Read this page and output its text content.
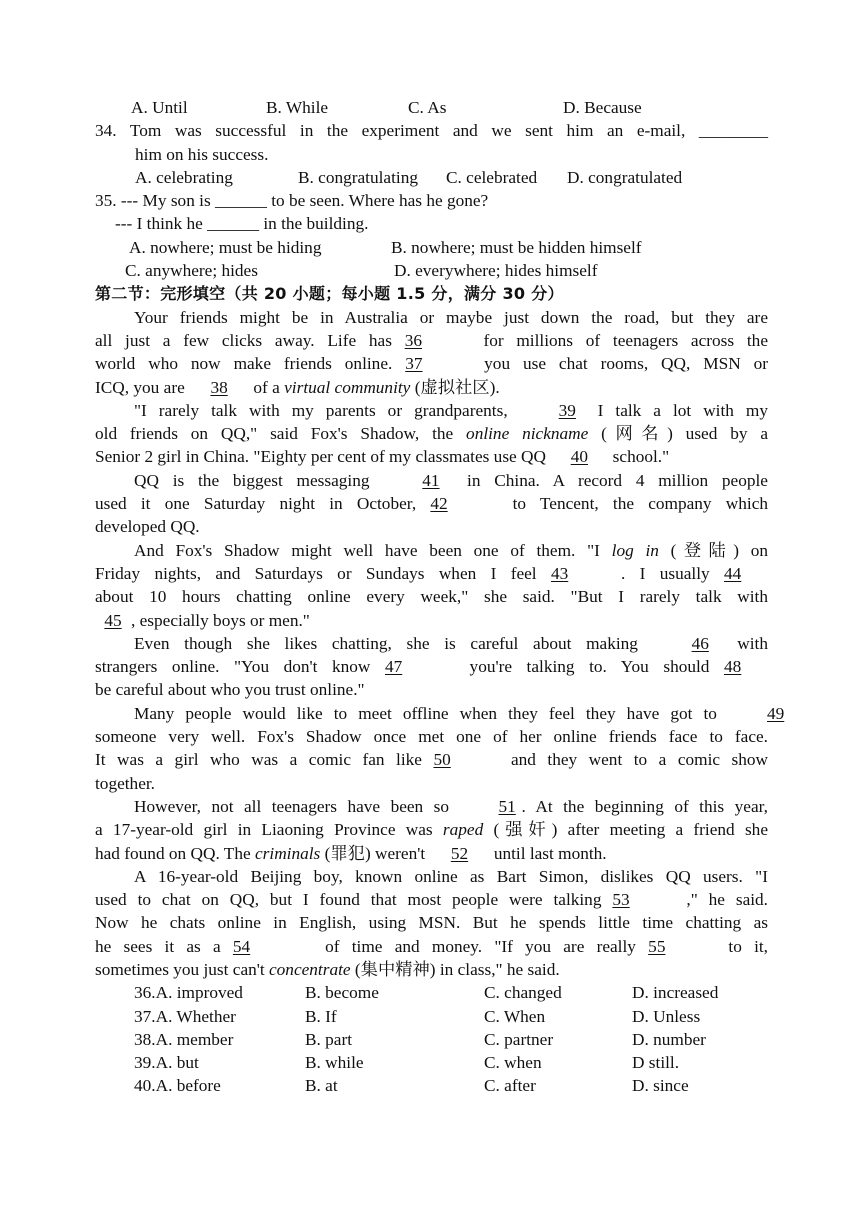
A. Until	B. While	C. As	D. Because
34. Tom was successful in the experiment and we sent him an e-mail, ________
him on his success.
A. celebrating	B. congratulating C. celebrated D. congratulated
35. --- My son is ______ to be seen. Where has he gone?
--- I think he ______ in the building.
A. nowhere; must be hiding	B. nowhere; must be hidden himself
C. anywhere; hides	D. everywhere; hides himself
第二节：完形填空（共 20 小题；每小题 1.5 分，满分 30 分）
Your friends might be in Australia or maybe just down the road, but they are
all just a few clicks away. Life has 36	for millions of teenagers across the
world who now make friends online. 37	you use chat rooms, QQ, MSN or
ICQ, you are 38 of a virtual community (虚拟社区).
"I rarely talk with my parents or grandparents,	39 I talk a lot with my
old friends on QQ," said Fox's Shadow, the online nickname (网名) used by a
Senior 2 girl in China. "Eighty per cent of my classmates use QQ 40 school."
QQ is the biggest messaging	41 in China. A record 4 million people
used it one Saturday night in October, 42	to Tencent, the company which
developed QQ.
And Fox's Shadow might well have been one of them. "I log in (登陆) on
Friday nights, and Saturdays or Sundays when I feel 43	. I usually 44
about 10 hours chatting online every week," she said. "But I rarely talk with
45 , especially boys or men."
Even though she likes chatting, she is careful about making	46 with
strangers online. "You don't know 47	you're talking to. You should 48
be careful about who you trust online."
Many people would like to meet offline when they feel they have got to	49
someone very well. Fox's Shadow once met one of her online friends face to face.
It was a girl who was a comic fan like 50	and they went to a comic show
together.
However, not all teenagers have been so	51 . At the beginning of this year,
a 17-year-old girl in Liaoning Province was raped (强奸) after meeting a friend she
had found on QQ. The criminals (罪犯) weren't 52 until last month.
A 16-year-old Beijing boy, known online as Bart Simon, dislikes QQ users. "I
used to chat on QQ, but I found that most people were talking 53	," he said.
Now he chats online in English, using MSN. But he spends little time chatting as
he sees it as a 54	of time and money. "If you are really 55	to it,
sometimes you just can't concentrate (集中精神) in class," he said.
36.A. improved	B. become	C. changed	D. increased
37.A. Whether	B. If	C. When	D. Unless
38.A. member	B. part	C. partner	D. number
39.A. but	B. while	C. when	D still.
40.A. before	B. at	C. after	D. since
